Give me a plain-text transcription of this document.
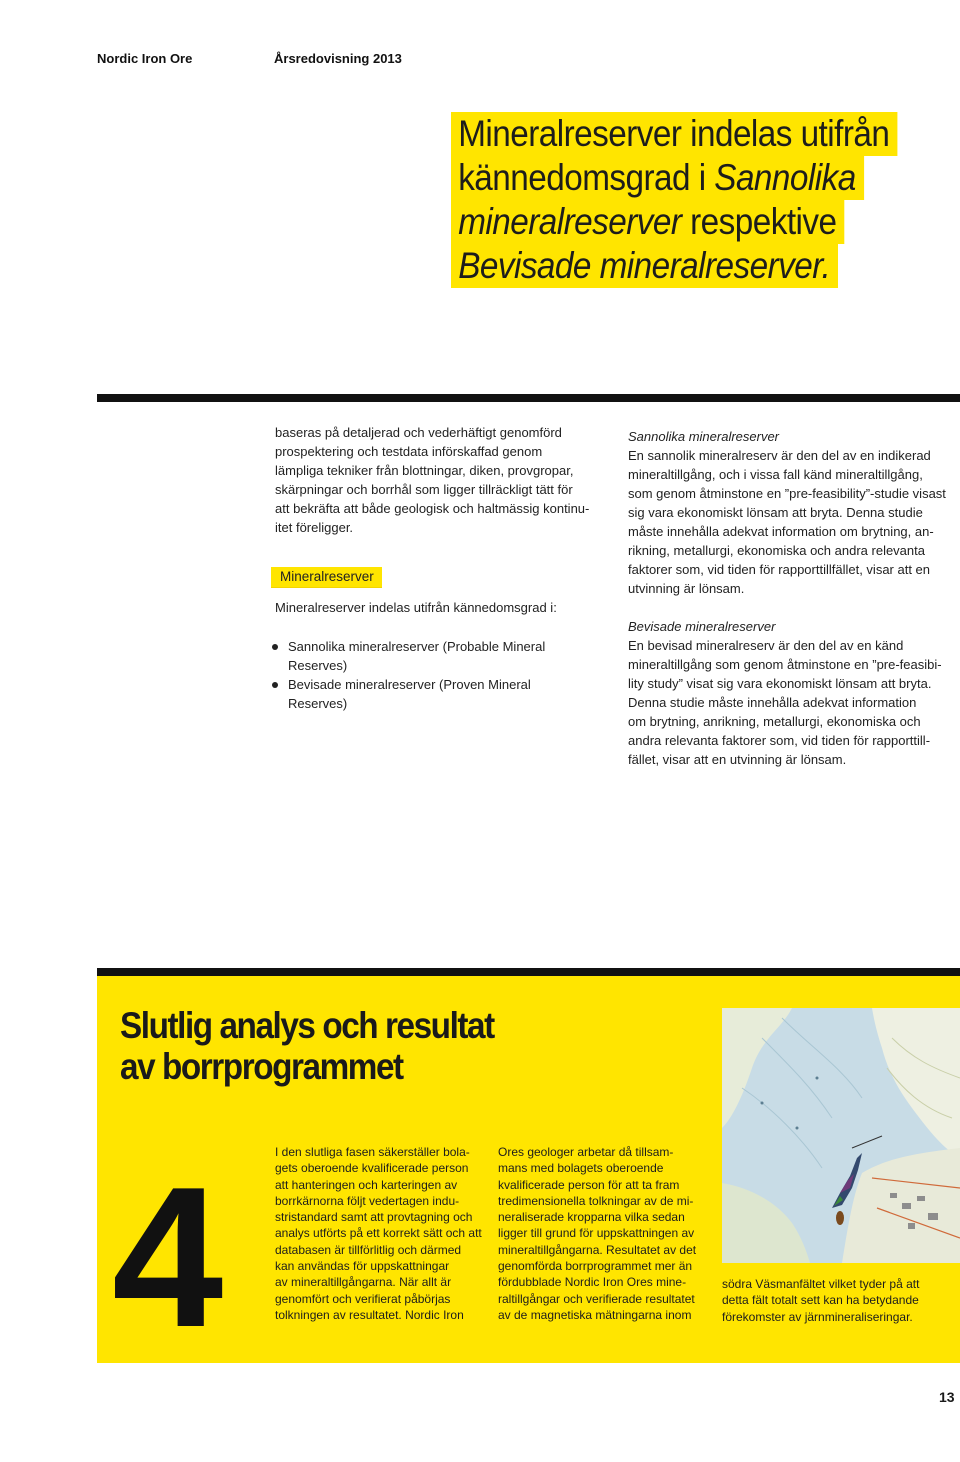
Nordic Iron Ore	Årsredovisning 2013
Mineralreserver indelas utifrån
kännedomsgrad i Sannolika
mineralreserver respektive
Bevisade mineralreserver.

baseras på detaljerad och vederhäftigt genomförd

prospektering och testdata införskaffad genom

lämpliga tekniker från blottningar, diken, provgropar,

skärpningar och borrhål som ligger tillräckligt tätt för

att bekräfta att både geologisk och haltmässig kontinu-

itet föreligger.

Mineralreserver
Mineralreserver indelas utifrån kännedomsgrad i:
Sannolika mineralreserver (Probable Mineral
Reserves)
Bevisade mineralreserver (Proven Mineral
Reserves)

Sannolika mineralreserver

En sannolik mineralreserv är den del av en indikerad

mineraltillgång, och i vissa fall känd mineraltillgång,

som genom åtminstone en ”pre-feasibility”-studie visast

sig vara ekonomiskt lönsam att bryta. Denna studie

måste innehålla adekvat information om brytning, an-

rikning, metallurgi, ekonomiska och andra relevanta

faktorer som, vid tiden för rapporttillfället, visar att en

utvinning är lönsam.

Bevisade mineralreserver

En bevisad mineralreserv är den del av en känd

mineraltillgång som genom åtminstone en ”pre-feasibi-

lity study” visat sig vara ekonomiskt lönsam att bryta.

Denna studie måste innehålla adekvat information

om brytning, anrikning, metallurgi, ekonomiska och

andra relevanta faktorer som, vid tiden för rapporttill-

fället, visar att en utvinning är lönsam.

Slutlig analys och resultat
av borrprogrammet
4	I den slutliga fasen säkerställer bola-
gets oberoende kvalificerade person
att hanteringen och karteringen av
borrkärnorna följt vedertagen indu-
stristandard samt att provtagning och
analys utförts på ett korrekt sätt och att
databasen är tillförlitlig och därmed
kan användas för uppskattningar
av mineraltillgångarna. När allt är
genomfört och verifierat påbörjas
tolkningen av resultatet. Nordic Iron
Ores geologer arbetar då tillsam-
mans med bolagets oberoende
kvalificerade person för att ta fram
tredimensionella tolkningar av de mi-
neraliserade kropparna vilka sedan
ligger till grund för uppskattningen av
mineraltillgångarna. Resultatet av det
genomförda borrprogrammet mer än
fördubblade Nordic Iron Ores mine-
raltillgångar och verifierade resultatet
av de magnetiska mätningarna inom
södra Väsmanfältet vilket tyder på att
detta fält totalt sett kan ha betydande
förekomster av järnmineraliseringar.
13
